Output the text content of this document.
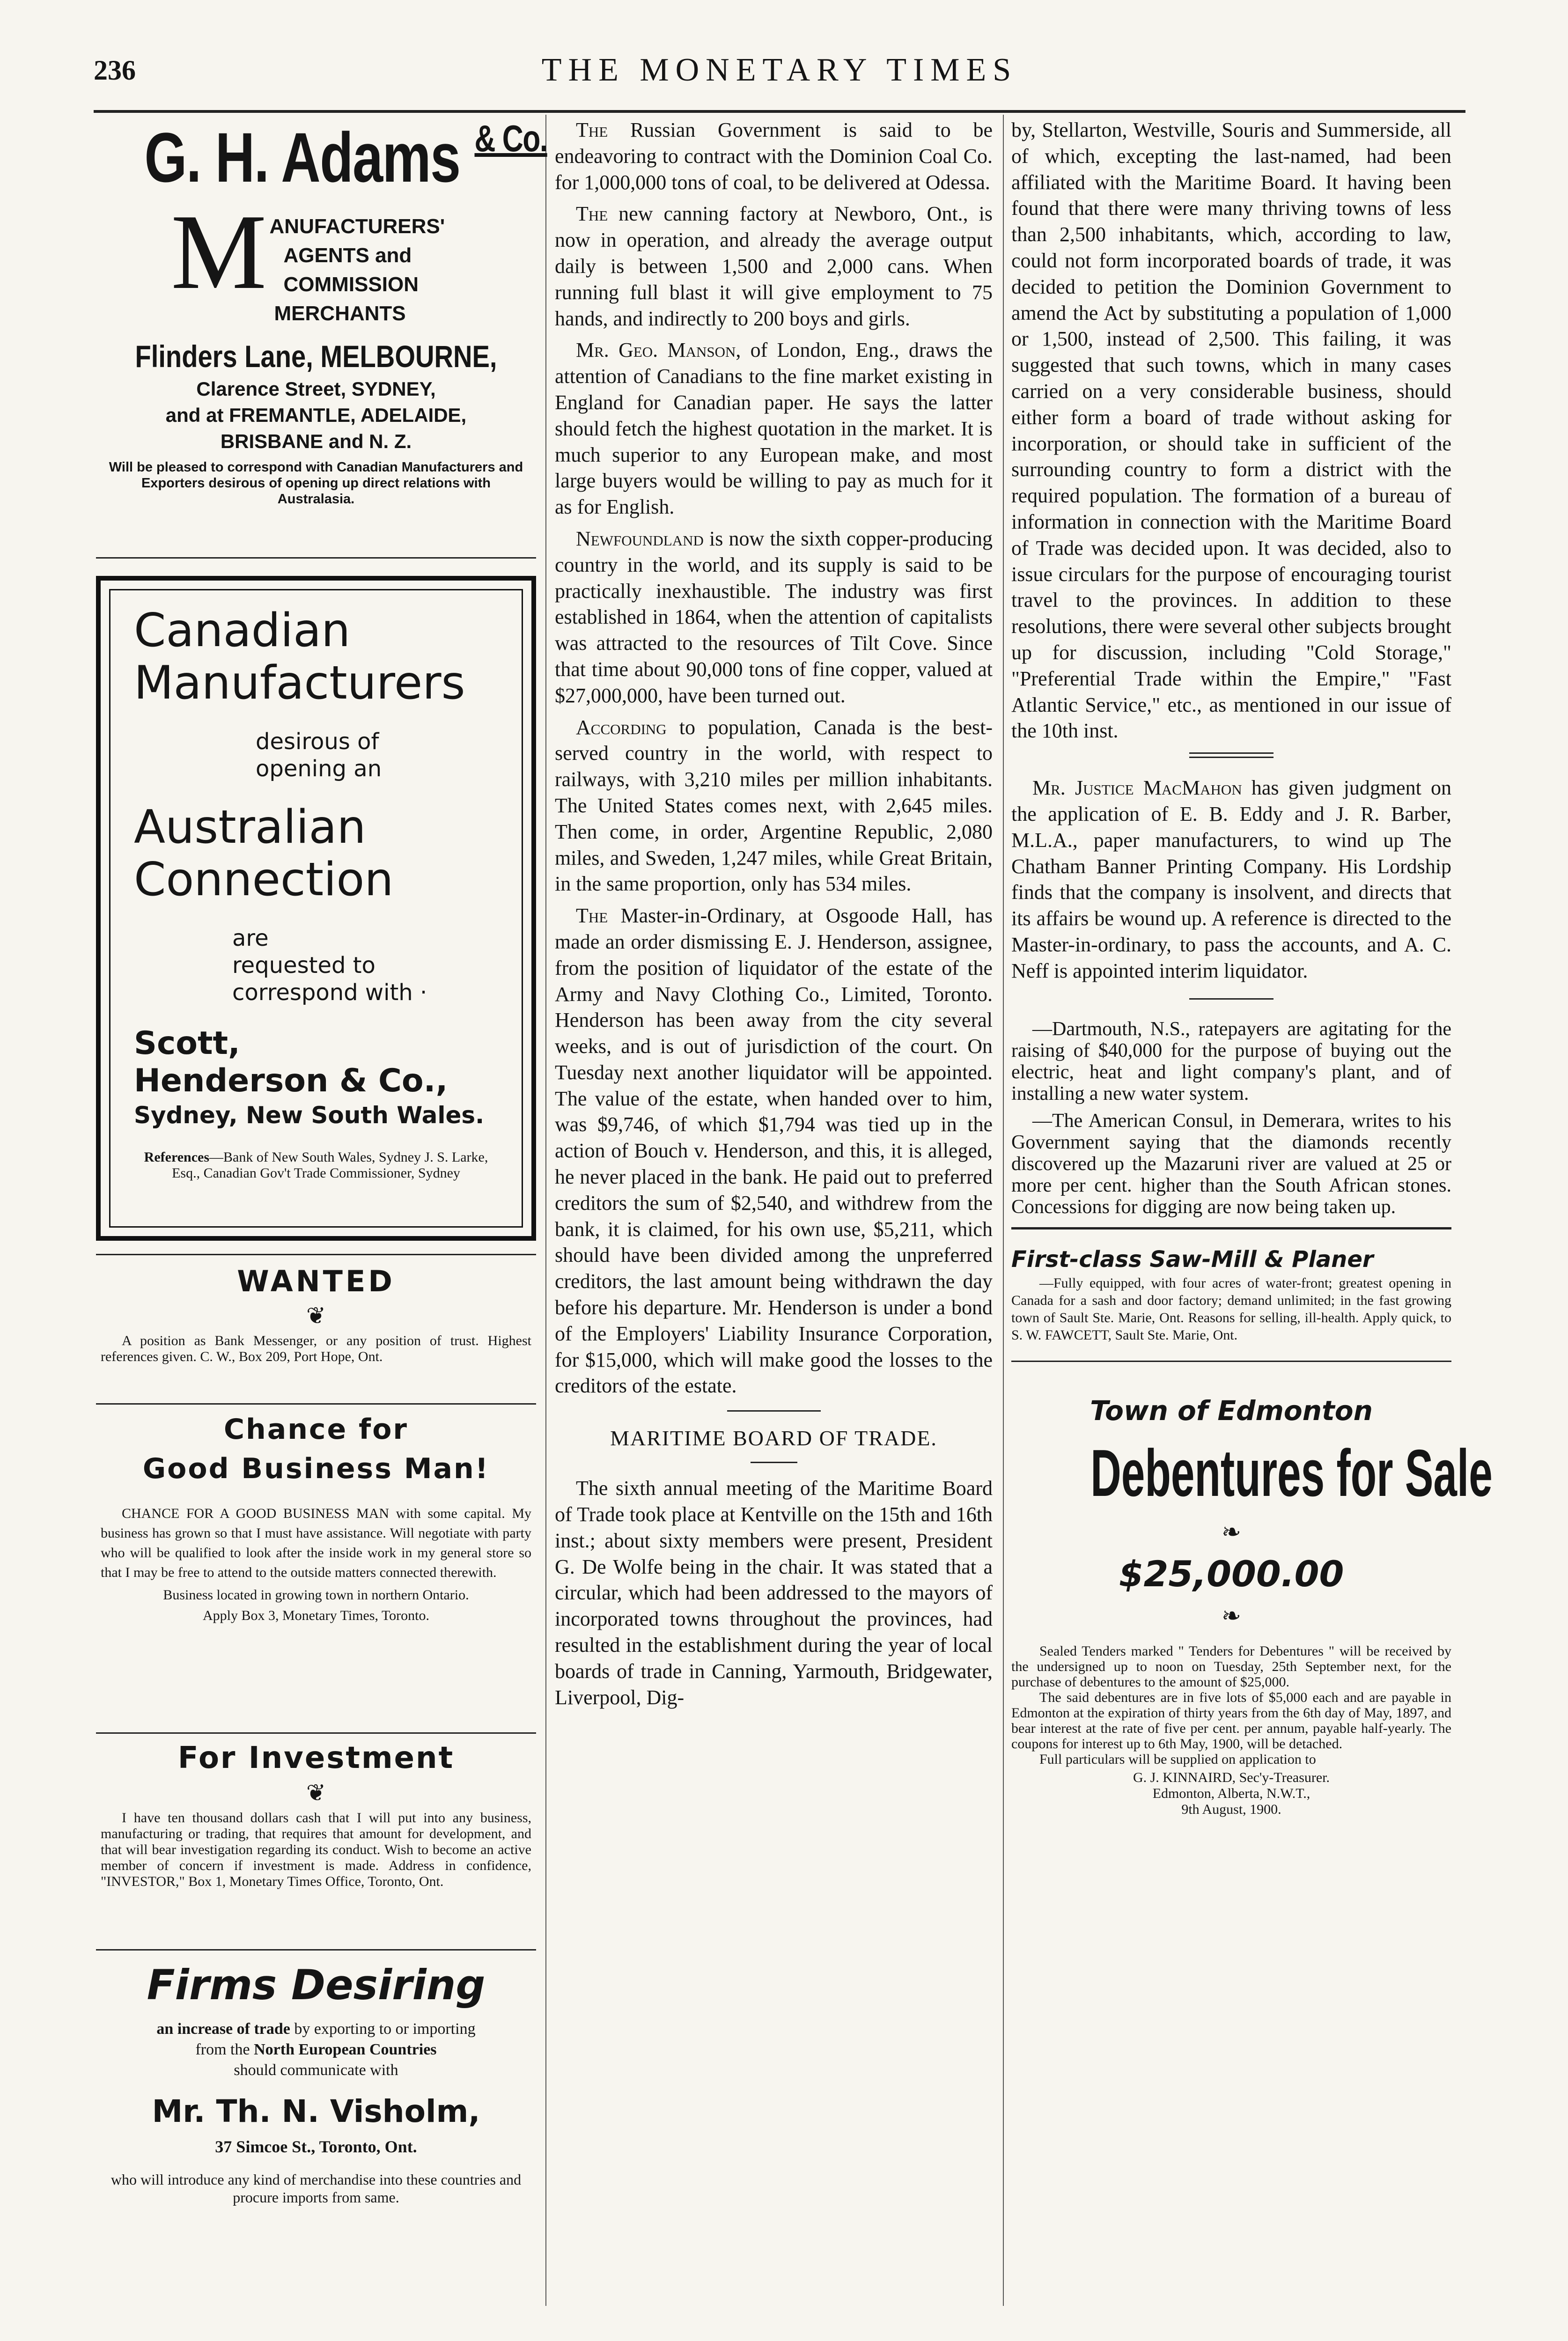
236	THE MONETARY TIMES
G. H. Adams $^{\& Co.}$
M ANUFACTURERS'
AGENTS and
COMMISSION
MERCHANTS
Flinders Lane, MELBOURNE,
Clarence Street, SYDNEY,
and at FREMANTLE, ADELAIDE,
BRISBANE and N. Z.
Will be pleased to correspond with Canadian Manufacturers and Exporters desirous of opening up direct relations with Australasia.
Canadian
Manufacturers
desirous of
opening an
Australian
Connection
are
requested to
correspond with ·
Scott,
Henderson & Co.,
Sydney, New South Wales.
References—Bank of New South Wales, Sydney J. S. Larke, Esq., Canadian Gov't Trade Commissioner, Sydney
WANTED
❦
A position as Bank Messenger, or any position of trust. Highest references given. C. W., Box 209, Port Hope, Ont.
Chance for
Good Business Man!
CHANCE FOR A GOOD BUSINESS MAN with some capital. My business has grown so that I must have assistance. Will negotiate with party who will be qualified to look after the inside work in my general store so that I may be free to attend to the outside matters connected therewith.
Business located in growing town in northern Ontario.
Apply Box 3, Monetary Times, Toronto.
For Investment
❦
I have ten thousand dollars cash that I will put into any business, manufacturing or trading, that requires that amount for development, and that will bear investigation regarding its conduct. Wish to become an active member of concern if investment is made. Address in confidence, "INVESTOR," Box 1, Monetary Times Office, Toronto, Ont.
Firms Desiring
an increase of trade by exporting to or importing
from the North European Countries
should communicate with
Mr. Th. N. Visholm,
37 Simcoe St., Toronto, Ont.
who will introduce any kind of merchandise into these countries and procure imports from same.

The Russian Government is said to be endeavoring to contract with the Dominion Coal Co. for 1,000,000 tons of coal, to be delivered at Odessa.

The new canning factory at Newboro, Ont., is now in operation, and already the average output daily is between 1,500 and 2,000 cans. When running full blast it will give employment to 75 hands, and indirectly to 200 boys and girls.

Mr. Geo. Manson, of London, Eng., draws the attention of Canadians to the fine market existing in England for Canadian paper. He says the latter should fetch the highest quotation in the market. It is much superior to any European make, and most large buyers would be willing to pay as much for it as for English.

Newfoundland is now the sixth copper-producing country in the world, and its supply is said to be practically inexhaustible. The industry was first established in 1864, when the attention of capitalists was attracted to the resources of Tilt Cove. Since that time about 90,000 tons of fine copper, valued at $27,000,000, have been turned out.

According to population, Canada is the best-served country in the world, with respect to railways, with 3,210 miles per million inhabitants. The United States comes next, with 2,645 miles. Then come, in order, Argentine Republic, 2,080 miles, and Sweden, 1,247 miles, while Great Britain, in the same proportion, only has 534 miles.

The Master-in-Ordinary, at Osgoode Hall, has made an order dismissing E. J. Henderson, assignee, from the position of liquidator of the estate of the Army and Navy Clothing Co., Limited, Toronto. Henderson has been away from the city several weeks, and is out of jurisdiction of the court. On Tuesday next another liquidator will be appointed. The value of the estate, when handed over to him, was $9,746, of which $1,794 was tied up in the action of Bouch v. Henderson, and this, it is alleged, he never placed in the bank. He paid out to preferred creditors the sum of $2,540, and withdrew from the bank, it is claimed, for his own use, $5,211, which should have been divided among the unpreferred creditors, the last amount being withdrawn the day before his departure. Mr. Henderson is under a bond of the Employers' Liability Insurance Corporation, for $15,000, which will make good the losses to the creditors of the estate.

MARITIME BOARD OF TRADE.

The sixth annual meeting of the Maritime Board of Trade took place at Kentville on the 15th and 16th inst.; about sixty members were present, President G. De Wolfe being in the chair. It was stated that a circular, which had been addressed to the mayors of incorporated towns throughout the provinces, had resulted in the establishment during the year of local boards of trade in Canning, Yarmouth, Bridgewater, Liverpool, Dig-

by, Stellarton, Westville, Souris and Summerside, all of which, excepting the last-named, had been affiliated with the Maritime Board. It having been found that there were many thriving towns of less than 2,500 inhabitants, which, according to law, could not form incorporated boards of trade, it was decided to petition the Dominion Government to amend the Act by substituting a population of 1,000 or 1,500, instead of 2,500. This failing, it was suggested that such towns, which in many cases carried on a very considerable business, should either form a board of trade without asking for incorporation, or should take in sufficient of the surrounding country to form a district with the required population. The formation of a bureau of information in connection with the Maritime Board of Trade was decided upon. It was decided, also to issue circulars for the purpose of encouraging tourist travel to the provinces. In addition to these resolutions, there were several other subjects brought up for discussion, including "Cold Storage," "Preferential Trade within the Empire," "Fast Atlantic Service," etc., as mentioned in our issue of the 10th inst.

Mr. Justice MacMahon has given judgment on the application of E. B. Eddy and J. R. Barber, M.L.A., paper manufacturers, to wind up The Chatham Banner Printing Company. His Lordship finds that the company is insolvent, and directs that its affairs be wound up. A reference is directed to the Master-in-ordinary, to pass the accounts, and A. C. Neff is appointed interim liquidator.

—Dartmouth, N.S., ratepayers are agitating for the raising of $40,000 for the purpose of buying out the electric, heat and light company's plant, and of installing a new water system.

—The American Consul, in Demerara, writes to his Government saying that the diamonds recently discovered up the Mazaruni river are valued at 25 or more per cent. higher than the South African stones. Concessions for digging are now being taken up.

First-class Saw-Mill & Planer
—Fully equipped, with four acres of water-front; greatest opening in Canada for a sash and door factory; demand unlimited; in the fast growing town of Sault Ste. Marie, Ont. Reasons for selling, ill-health. Apply quick, to S. W. FAWCETT, Sault Ste. Marie, Ont.
Town of Edmonton
Debentures for Sale
❧
$25,000.00
❧
Sealed Tenders marked " Tenders for Debentures " will be received by the undersigned up to noon on Tuesday, 25th September next, for the purchase of debentures to the amount of $25,000.
The said debentures are in five lots of $5,000 each and are payable in Edmonton at the expiration of thirty years from the 6th day of May, 1897, and bear interest at the rate of five per cent. per annum, payable half-yearly. The coupons for interest up to 6th May, 1900, will be detached.
Full particulars will be supplied on application to
G. J. KINNAIRD, Sec'y-Treasurer.
Edmonton, Alberta, N.W.T.,
9th August, 1900.
